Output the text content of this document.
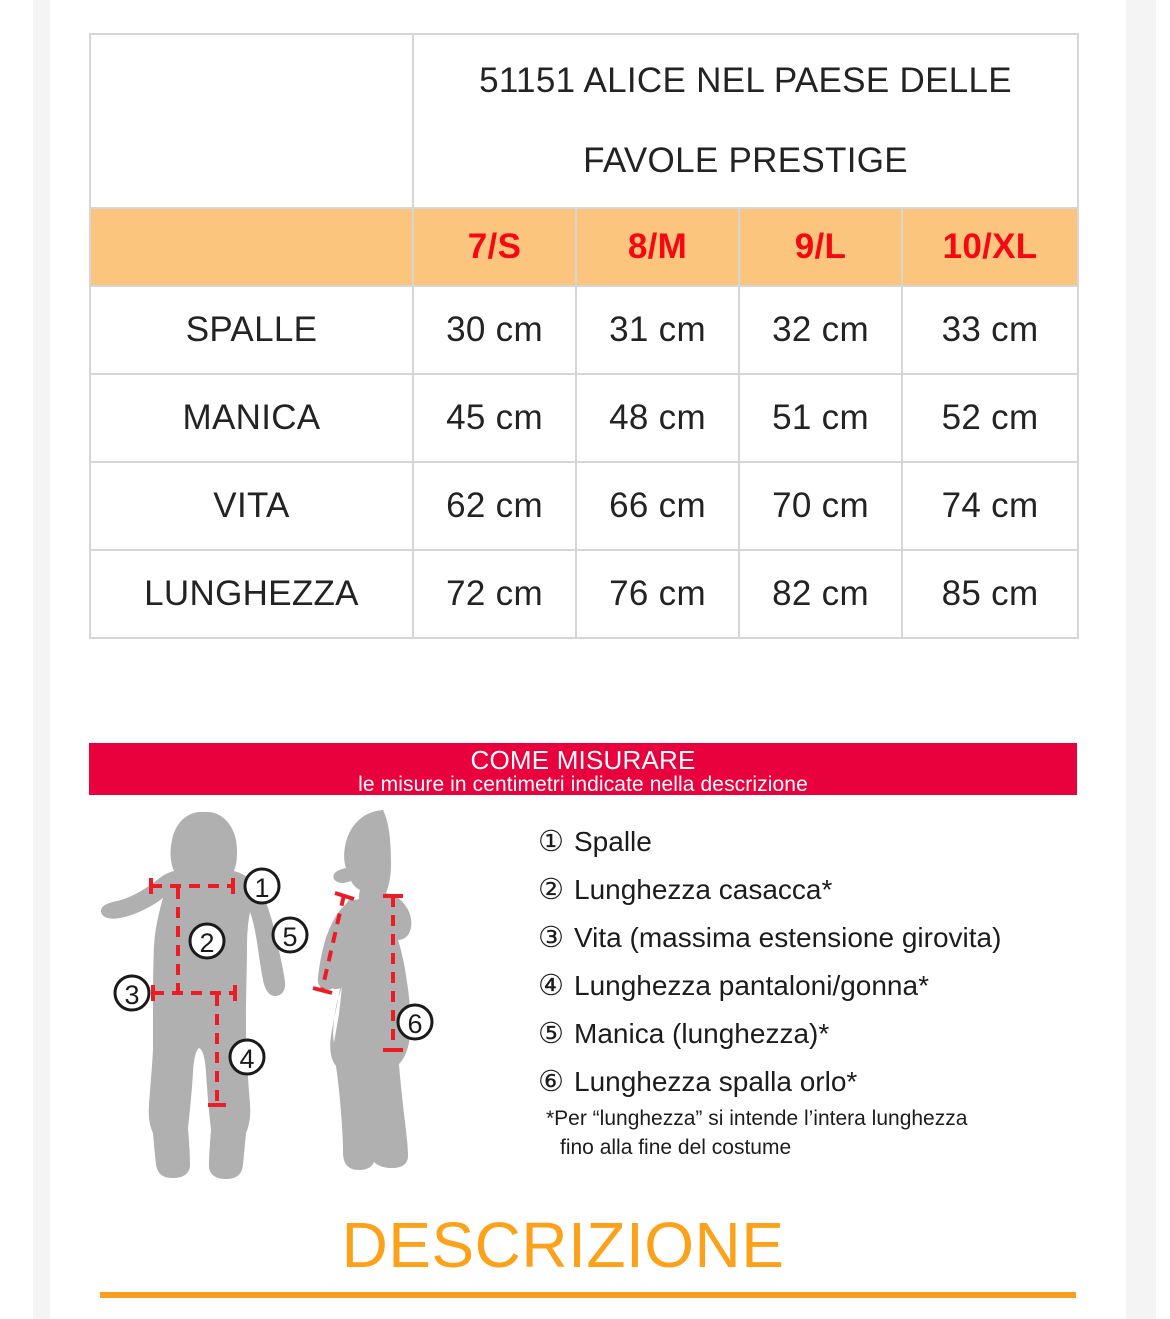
	51151 ALICE NEL PAESE DELLE
FAVOLE PRESTIGE			

	7/S	8/M	9/L	10/XL
SPALLE	30 cm	31 cm	32 cm	33 cm
MANICA	45 cm	48 cm	51 cm	52 cm
VITA	62 cm	66 cm	70 cm	74 cm
LUNGHEZZA	72 cm	76 cm	82 cm	85 cm
COME MISURARE
le misure in centimetri indicate nella descrizione
1
2
3
4
5
6
① Spalle
② Lunghezza casacca*
③ Vita (massima estensione girovita)
④ Lunghezza pantaloni/gonna*
⑤ Manica (lunghezza)*
⑥ Lunghezza spalla orlo*
*Per “lunghezza” si intende l’intera lunghezza
fino alla fine del costume
DESCRIZIONE
